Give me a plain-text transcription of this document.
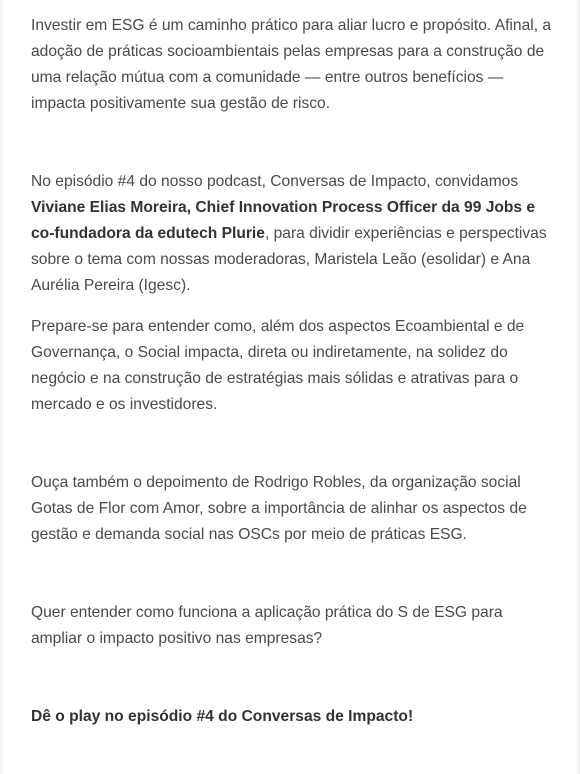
Investir em ESG é um caminho prático para aliar lucro e propósito. Afinal, a adoção de práticas socioambientais pelas empresas para a construção de uma relação mútua com a comunidade — entre outros benefícios — impacta positivamente sua gestão de risco.

No episódio #4 do nosso podcast, Conversas de Impacto, convidamos Viviane Elias Moreira, Chief Innovation Process Officer da 99 Jobs e co-fundadora da edutech Plurie, para dividir experiências e perspectivas sobre o tema com nossas moderadoras, Maristela Leão (esolidar) e Ana Aurélia Pereira (Igesc).

Prepare-se para entender como, além dos aspectos Ecoambiental e de Governança, o Social impacta, direta ou indiretamente, na solidez do negócio e na construção de estratégias mais sólidas e atrativas para o mercado e os investidores.

Ouça também o depoimento de Rodrigo Robles, da organização social Gotas de Flor com Amor, sobre a importância de alinhar os aspectos de gestão e demanda social nas OSCs por meio de práticas ESG.

Quer entender como funciona a aplicação prática do S de ESG para ampliar o impacto positivo nas empresas?

Dê o play no episódio #4 do Conversas de Impacto!
